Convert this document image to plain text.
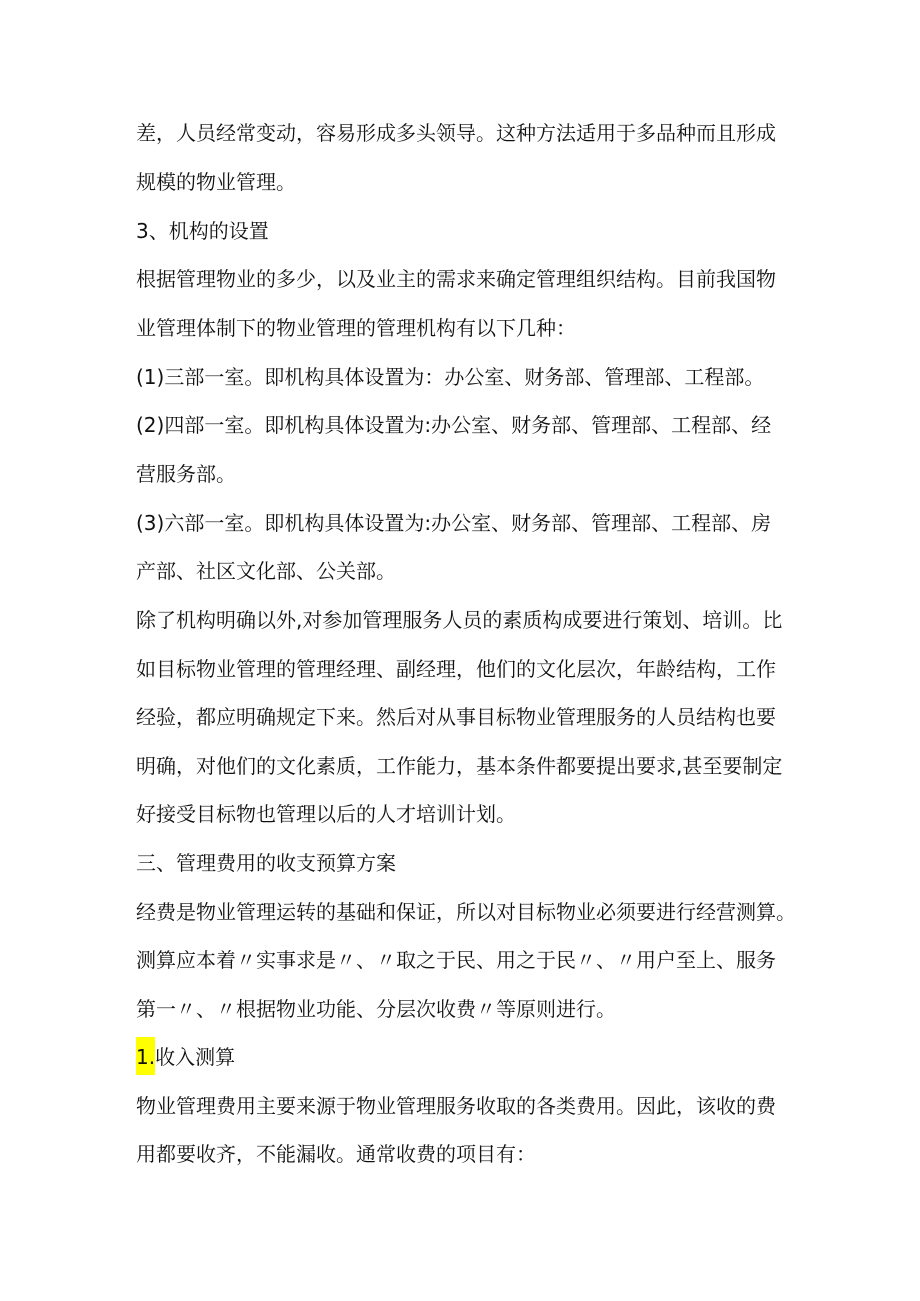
差，人员经常变动，容易形成多头领导。这种方法适用于多品种而且形成
规模的物业管理。
3、机构的设置
根据管理物业的多少，以及业主的需求来确定管理组织结构。目前我国物
业管理体制下的物业管理的管理机构有以下几种：
(1)三部一室。即机构具体设置为：办公室、财务部、管理部、工程部。
(2)四部一室。即机构具体设置为:办公室、财务部、管理部、工程部、经
营服务部。
(3)六部一室。即机构具体设置为:办公室、财务部、管理部、工程部、房
产部、社区文化部、公关部。
除了机构明确以外,对参加管理服务人员的素质构成要进行策划、培训。比
如目标物业管理的管理经理、副经理，他们的文化层次，年龄结构，工作
经验，都应明确规定下来。然后对从事目标物业管理服务的人员结构也要
明确，对他们的文化素质，工作能力，基本条件都要提出要求,甚至要制定
好接受目标物也管理以后的人才培训计划。
三、管理费用的收支预算方案
经费是物业管理运转的基础和保证，所以对目标物业必须要进行经营测算。
测算应本着〃实事求是〃、〃取之于民、用之于民〃、〃用户至上、服务
第一〃、〃根据物业功能、分层次收费〃等原则进行。
1.收入测算
物业管理费用主要来源于物业管理服务收取的各类费用。因此，该收的费
用都要收齐，不能漏收。通常收费的项目有：
